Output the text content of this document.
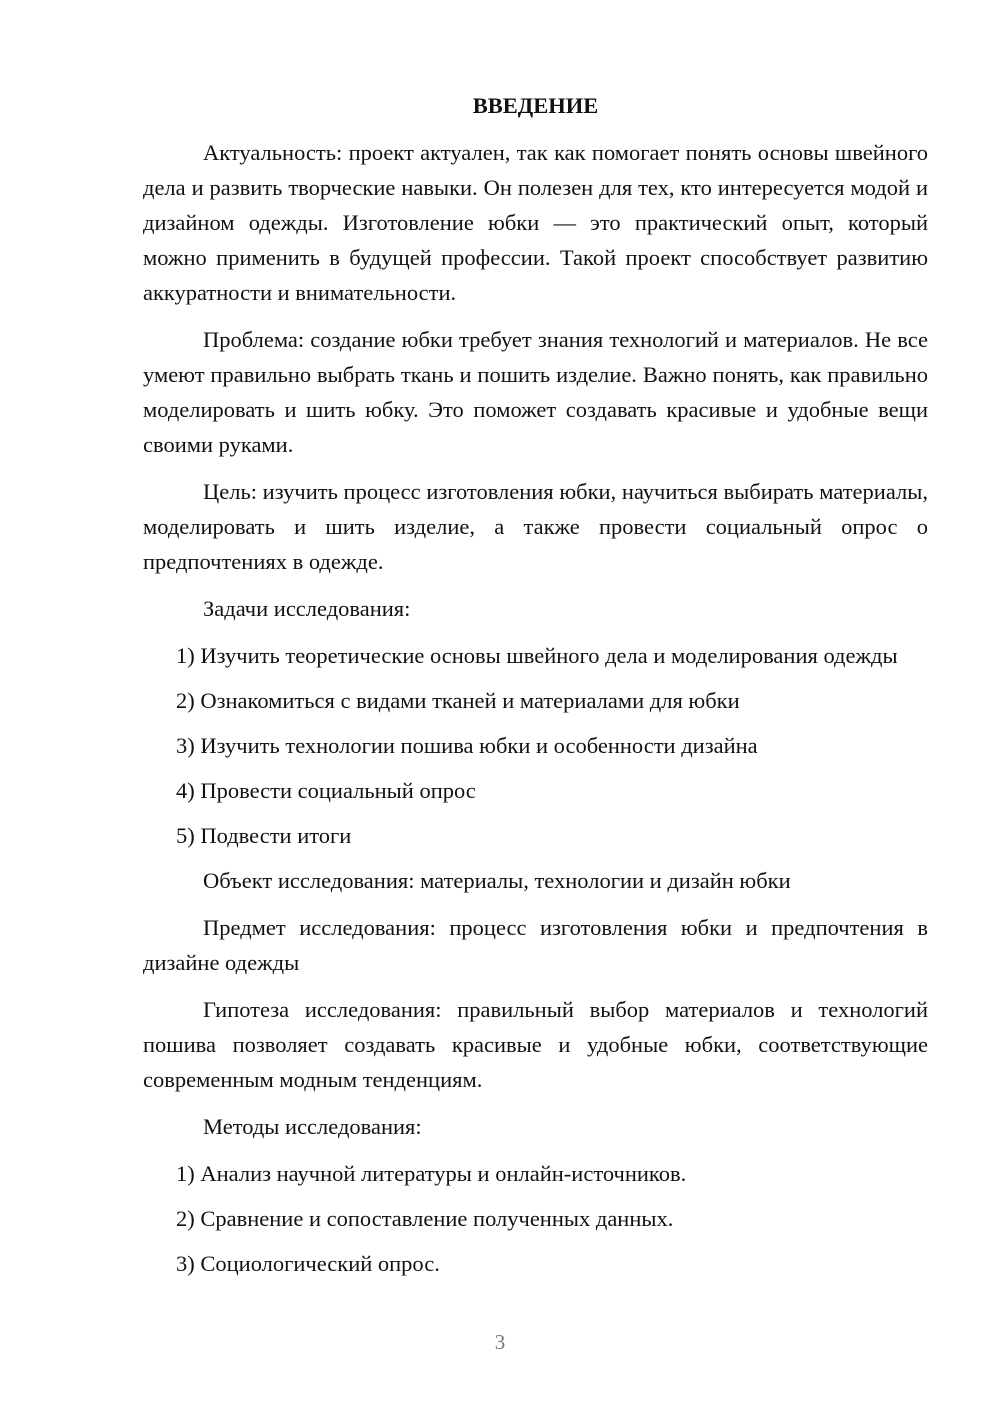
ВВЕДЕНИЕ

Актуальность: проект актуален, так как помогает понять основы швейного дела и развить творческие навыки. Он полезен для тех, кто интересуется модой и дизайном одежды. Изготовление юбки — это практический опыт, который можно применить в будущей профессии. Такой проект способствует развитию аккуратности и внимательности.

Проблема: создание юбки требует знания технологий и материалов. Не все умеют правильно выбрать ткань и пошить изделие. Важно понять, как правильно моделировать и шить юбку. Это поможет создавать красивые и удобные вещи своими руками.

Цель: изучить процесс изготовления юбки, научиться выбирать материалы, моделировать и шить изделие, а также провести социальный опрос о предпочтениях в одежде.

Задачи исследования:

1) Изучить теоретические основы швейного дела и моделирования одежды

2) Ознакомиться с видами тканей и материалами для юбки

3) Изучить технологии пошива юбки и особенности дизайна

4) Провести социальный опрос

5) Подвести итоги

Объект исследования: материалы, технологии и дизайн юбки

Предмет исследования: процесс изготовления юбки и предпочтения в дизайне одежды

Гипотеза исследования: правильный выбор материалов и технологий пошива позволяет создавать красивые и удобные юбки, соответствующие современным модным тенденциям.

Методы исследования:

1) Анализ научной литературы и онлайн-источников.

2) Сравнение и сопоставление полученных данных.

3) Социологический опрос.

3
